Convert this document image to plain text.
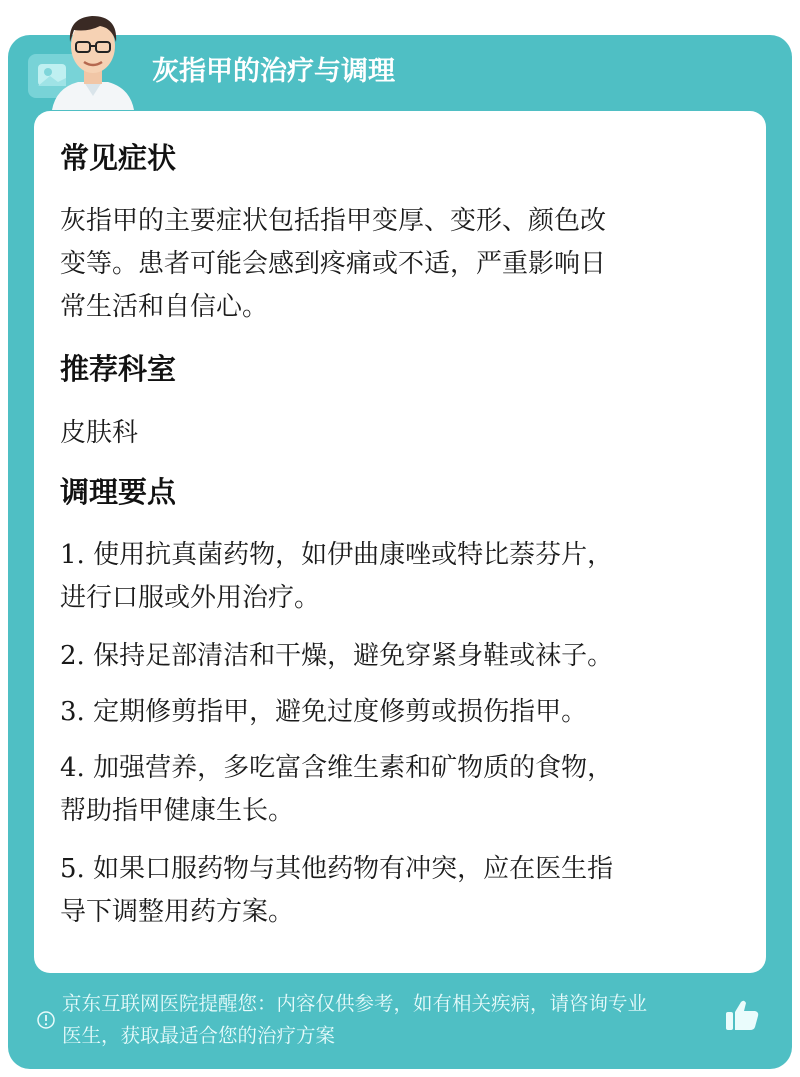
灰指甲的治疗与调理
常见症状
灰指甲的主要症状包括指甲变厚、变形、颜色改
变等。患者可能会感到疼痛或不适，严重影响日
常生活和自信心。
推荐科室
皮肤科
调理要点
1. 使用抗真菌药物，如伊曲康唑或特比萘芬片，
进行口服或外用治疗。
2. 保持足部清洁和干燥，避免穿紧身鞋或袜子。
3. 定期修剪指甲，避免过度修剪或损伤指甲。
4. 加强营养，多吃富含维生素和矿物质的食物，
帮助指甲健康生长。
5. 如果口服药物与其他药物有冲突，应在医生指
导下调整用药方案。
京东互联网医院提醒您：内容仅供参考，如有相关疾病，请咨询专业
医生，获取最适合您的治疗方案
